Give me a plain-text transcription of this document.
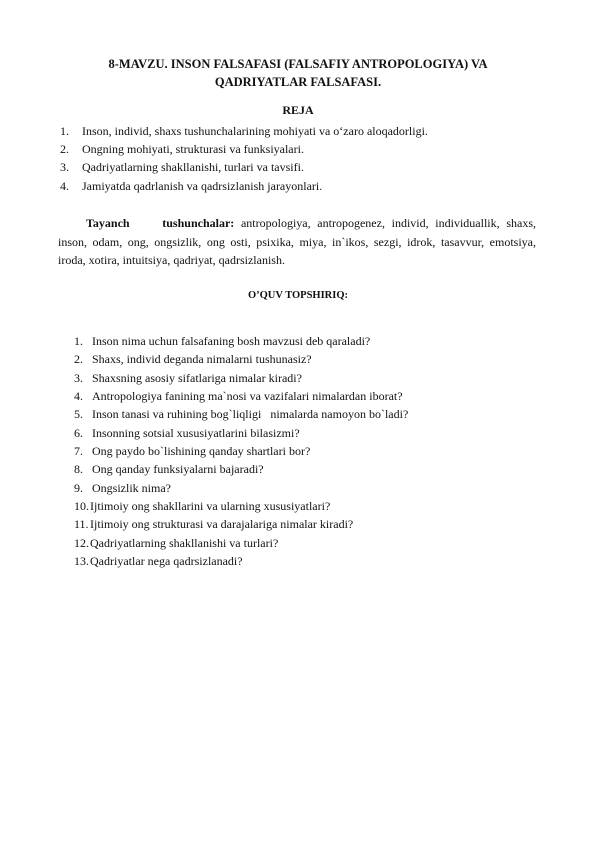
8-MAVZU. INSON FALSAFASI (FALSAFIY ANTROPOLOGIYA) VA
QADRIYATLAR FALSAFASI.
REJA
1. Inson, individ, shaxs tushunchalarining mohiyati va o‘zaro aloqadorligi.
2. Ongning mohiyati, strukturasi va funksiyalari.
3. Qadriyatlarning shakllanishi, turlari va tavsifi.
4. Jamiyatda qadrlanish va qadrsizlanish jarayonlari.

Tayanch tushunchalar: antropologiya, antropogenez, individ, individuallik, shaxs, inson, odam, ong, ongsizlik, ong osti, psixika, miya, in`ikos, sezgi, idrok, tasavvur, emotsiya, iroda, xotira, intuitsiya, qadriyat, qadrsizlanish.

O’QUV TOPSHIRIQ:
1. Inson nima uchun falsafaning bosh mavzusi deb qaraladi?
2. Shaxs, individ deganda nimalarni tushunasiz?
3. Shaxsning asosiy sifatlariga nimalar kiradi?
4. Antropologiya fanining ma`nosi va vazifalari nimalardan iborat?
5. Inson tanasi va ruhining bog`liqligi   nimalarda namoyon bo`ladi?
6. Insonning sotsial xususiyatlarini bilasizmi?
7. Ong paydo bo`lishining qanday shartlari bor?
8. Ong qanday funksiyalarni bajaradi?
9. Ongsizlik nima?
10. Ijtimoiy ong shakllarini va ularning xususiyatlari?
11. Ijtimoiy ong strukturasi va darajalariga nimalar kiradi?
12. Qadriyatlarning shakllanishi va turlari?
13. Qadriyatlar nega qadrsizlanadi?
